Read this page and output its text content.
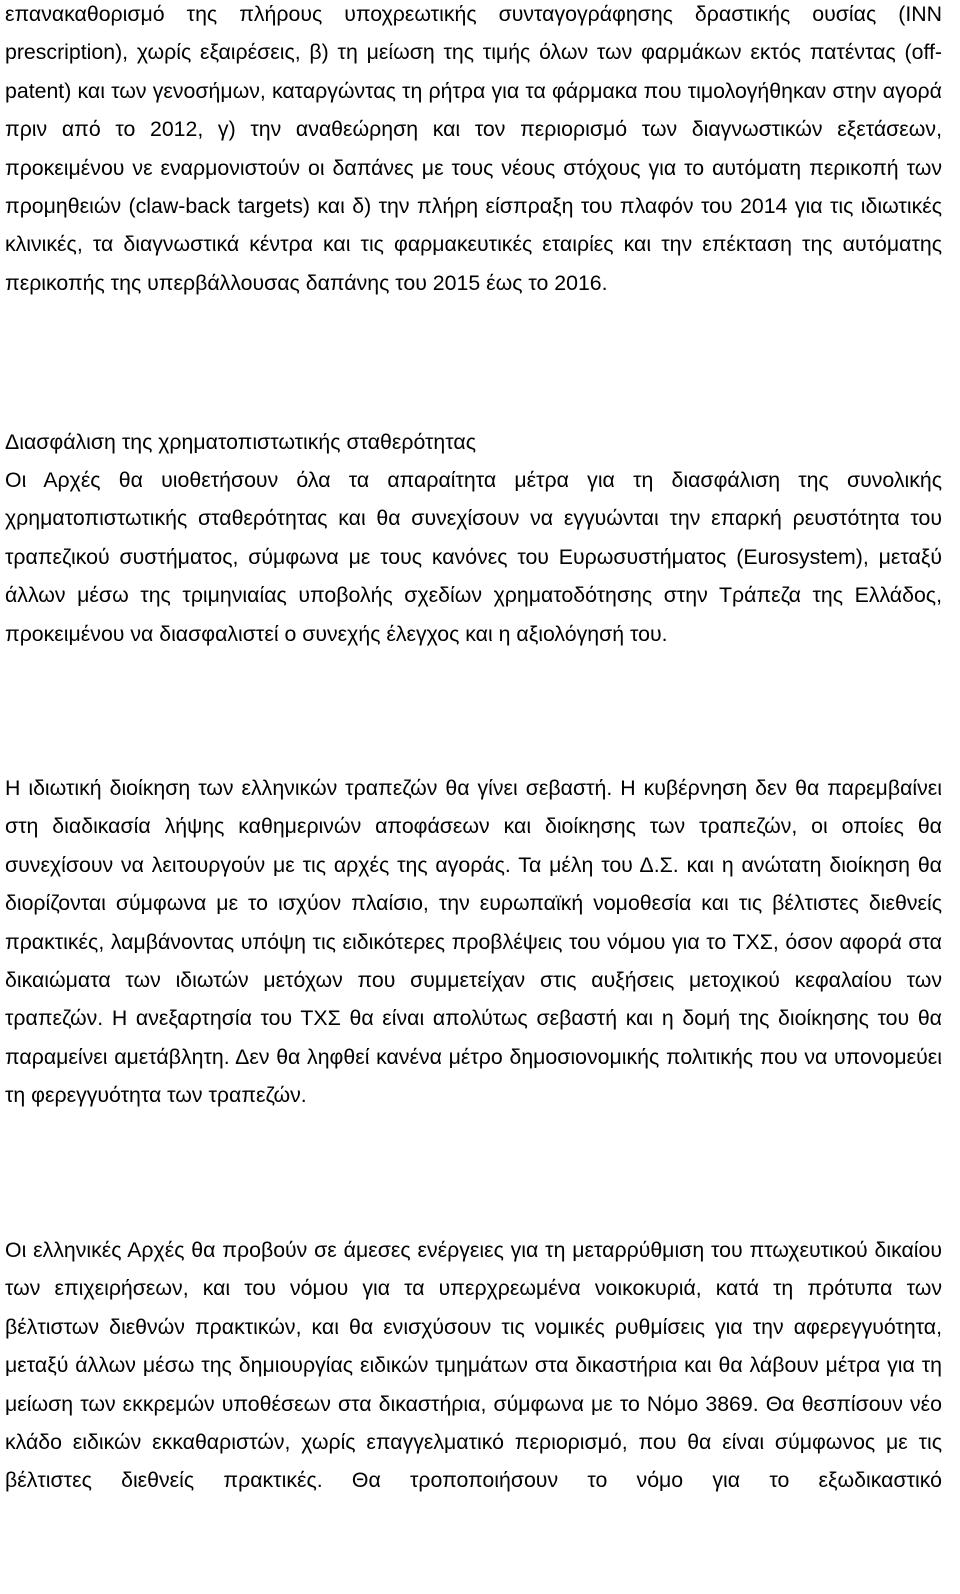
επανακαθορισμό της πλήρους υποχρεωτικής συνταγογράφησης δραστικής ουσίας (INN prescription), χωρίς εξαιρέσεις, β) τη μείωση της τιμής όλων των φαρμάκων εκτός πατέντας (off-patent) και των γενοσήμων, καταργώντας τη ρήτρα για τα φάρμακα που τιμολογήθηκαν στην αγορά πριν από το 2012, γ) την αναθεώρηση και τον περιορισμό των διαγνωστικών εξετάσεων, προκειμένου νε εναρμονιστούν οι δαπάνες με τους νέους στόχους για το αυτόματη περικοπή των προμηθειών (claw-back targets) και δ) την πλήρη είσπραξη του πλαφόν του 2014 για τις ιδιωτικές κλινικές, τα διαγνωστικά κέντρα και τις φαρμακευτικές εταιρίες και την επέκταση της αυτόματης περικοπής της υπερβάλλουσας δαπάνης του 2015 έως το 2016.

Διασφάλιση της χρηματοπιστωτικής σταθερότητας

Οι Αρχές θα υιοθετήσουν όλα τα απαραίτητα μέτρα για τη διασφάλιση της συνολικής χρηματοπιστωτικής σταθερότητας και θα συνεχίσουν να εγγυώνται την επαρκή ρευστότητα του τραπεζικού συστήματος, σύμφωνα με τους κανόνες του Ευρωσυστήματος (Eurosystem), μεταξύ άλλων μέσω της τριμηνιαίας υποβολής σχεδίων χρηματοδότησης στην Τράπεζα της Ελλάδος, προκειμένου να διασφαλιστεί ο συνεχής έλεγχος και η αξιολόγησή του.

Η ιδιωτική διοίκηση των ελληνικών τραπεζών θα γίνει σεβαστή. Η κυβέρνηση δεν θα παρεμβαίνει στη διαδικασία λήψης καθημερινών αποφάσεων και διοίκησης των τραπεζών, οι οποίες θα συνεχίσουν να λειτουργούν με τις αρχές της αγοράς. Τα μέλη του Δ.Σ. και η ανώτατη διοίκηση θα διορίζονται σύμφωνα με το ισχύον πλαίσιο, την ευρωπαϊκή νομοθεσία και τις βέλτιστες διεθνείς πρακτικές, λαμβάνοντας υπόψη τις ειδικότερες προβλέψεις του νόμου για το ΤΧΣ, όσον αφορά στα δικαιώματα των ιδιωτών μετόχων που συμμετείχαν στις αυξήσεις μετοχικού κεφαλαίου των τραπεζών. Η ανεξαρτησία του ΤΧΣ θα είναι απολύτως σεβαστή και η δομή της διοίκησης του θα παραμείνει αμετάβλητη. Δεν θα ληφθεί κανένα μέτρο δημοσιονομικής πολιτικής που να υπονομεύει τη φερεγγυότητα των τραπεζών.

Οι ελληνικές Αρχές θα προβούν σε άμεσες ενέργειες για τη μεταρρύθμιση του πτωχευτικού δικαίου των επιχειρήσεων, και του νόμου για τα υπερχρεωμένα νοικοκυριά, κατά τη πρότυπα των βέλτιστων διεθνών πρακτικών, και θα ενισχύσουν τις νομικές ρυθμίσεις για την αφερεγγυότητα, μεταξύ άλλων μέσω της δημιουργίας ειδικών τμημάτων στα δικαστήρια και θα λάβουν μέτρα για τη μείωση των εκκρεμών υποθέσεων στα δικαστήρια, σύμφωνα με το Νόμο 3869. Θα θεσπίσουν νέο κλάδο ειδικών εκκαθαριστών, χωρίς επαγγελματικό περιορισμό, που θα είναι σύμφωνος με τις βέλτιστες διεθνείς πρακτικές. Θα τροποποιήσουν το νόμο για το εξωδικαστικό
